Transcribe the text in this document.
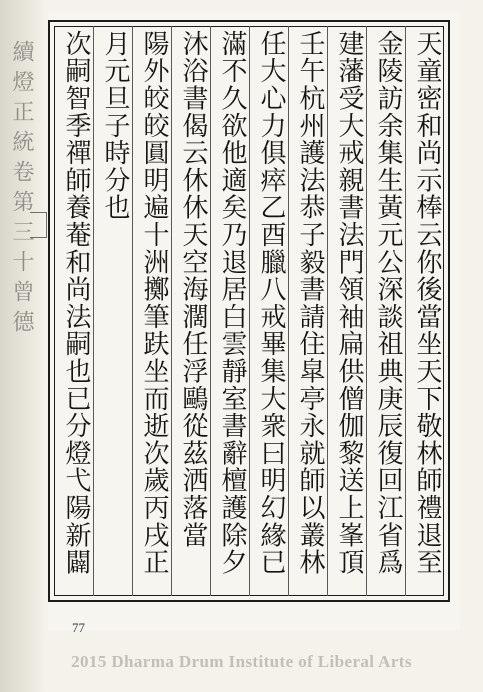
續燈正統卷第三十曾德	天童密和尚示棒云你後當坐天下敬林師禮退至
金陵訪余集生黃元公深談祖典庚辰復回江省爲
建藩受大戒親書法門領袖扁供僧伽黎送上峯頂
壬午杭州護法恭子毅書請住皐亭永就師以叢林
任大心力俱瘁乙酉臘八戒畢集大衆曰明幻緣已
滿不久欲他適矣乃退居白雲靜室書辭檀護除夕
沐浴書偈云休休天空海濶任浮鷗從茲洒落當
陽外皎皎圓明遍十洲擲筆趺坐而逝次歲丙戌正
月元旦子時分也
次嗣智季禪師養菴和尚法嗣也已分燈弋陽新闢
77
2015 Dharma Drum Institute of Liberal Arts
